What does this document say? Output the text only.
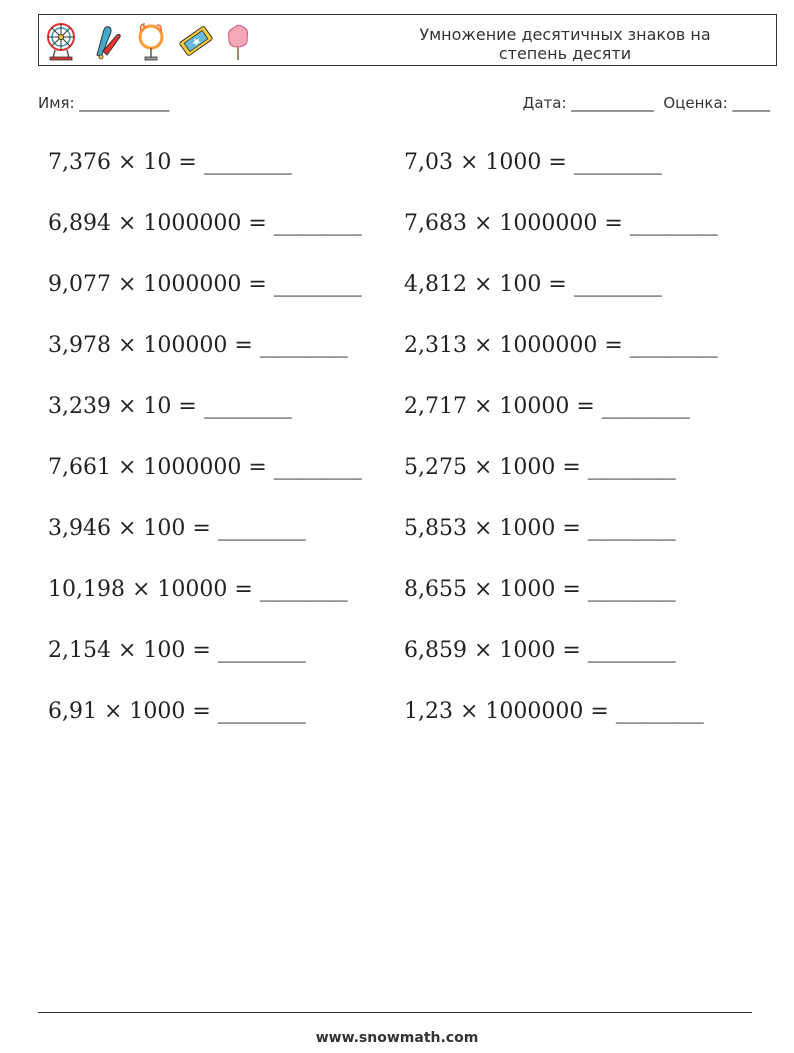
Умножение десятичных знаков на
степень десяти
Имя: ____________	Дата: ___________ Оценка: _____
7,376 × 10 = ________
6,894 × 1000000 = ________
9,077 × 1000000 = ________
3,978 × 100000 = ________
3,239 × 10 = ________
7,661 × 1000000 = ________
3,946 × 100 = ________
10,198 × 10000 = ________
2,154 × 100 = ________
6,91 × 1000 = ________
7,03 × 1000 = ________
7,683 × 1000000 = ________
4,812 × 100 = ________
2,313 × 1000000 = ________
2,717 × 10000 = ________
5,275 × 1000 = ________
5,853 × 1000 = ________
8,655 × 1000 = ________
6,859 × 1000 = ________
1,23 × 1000000 = ________
www.snowmath.com
